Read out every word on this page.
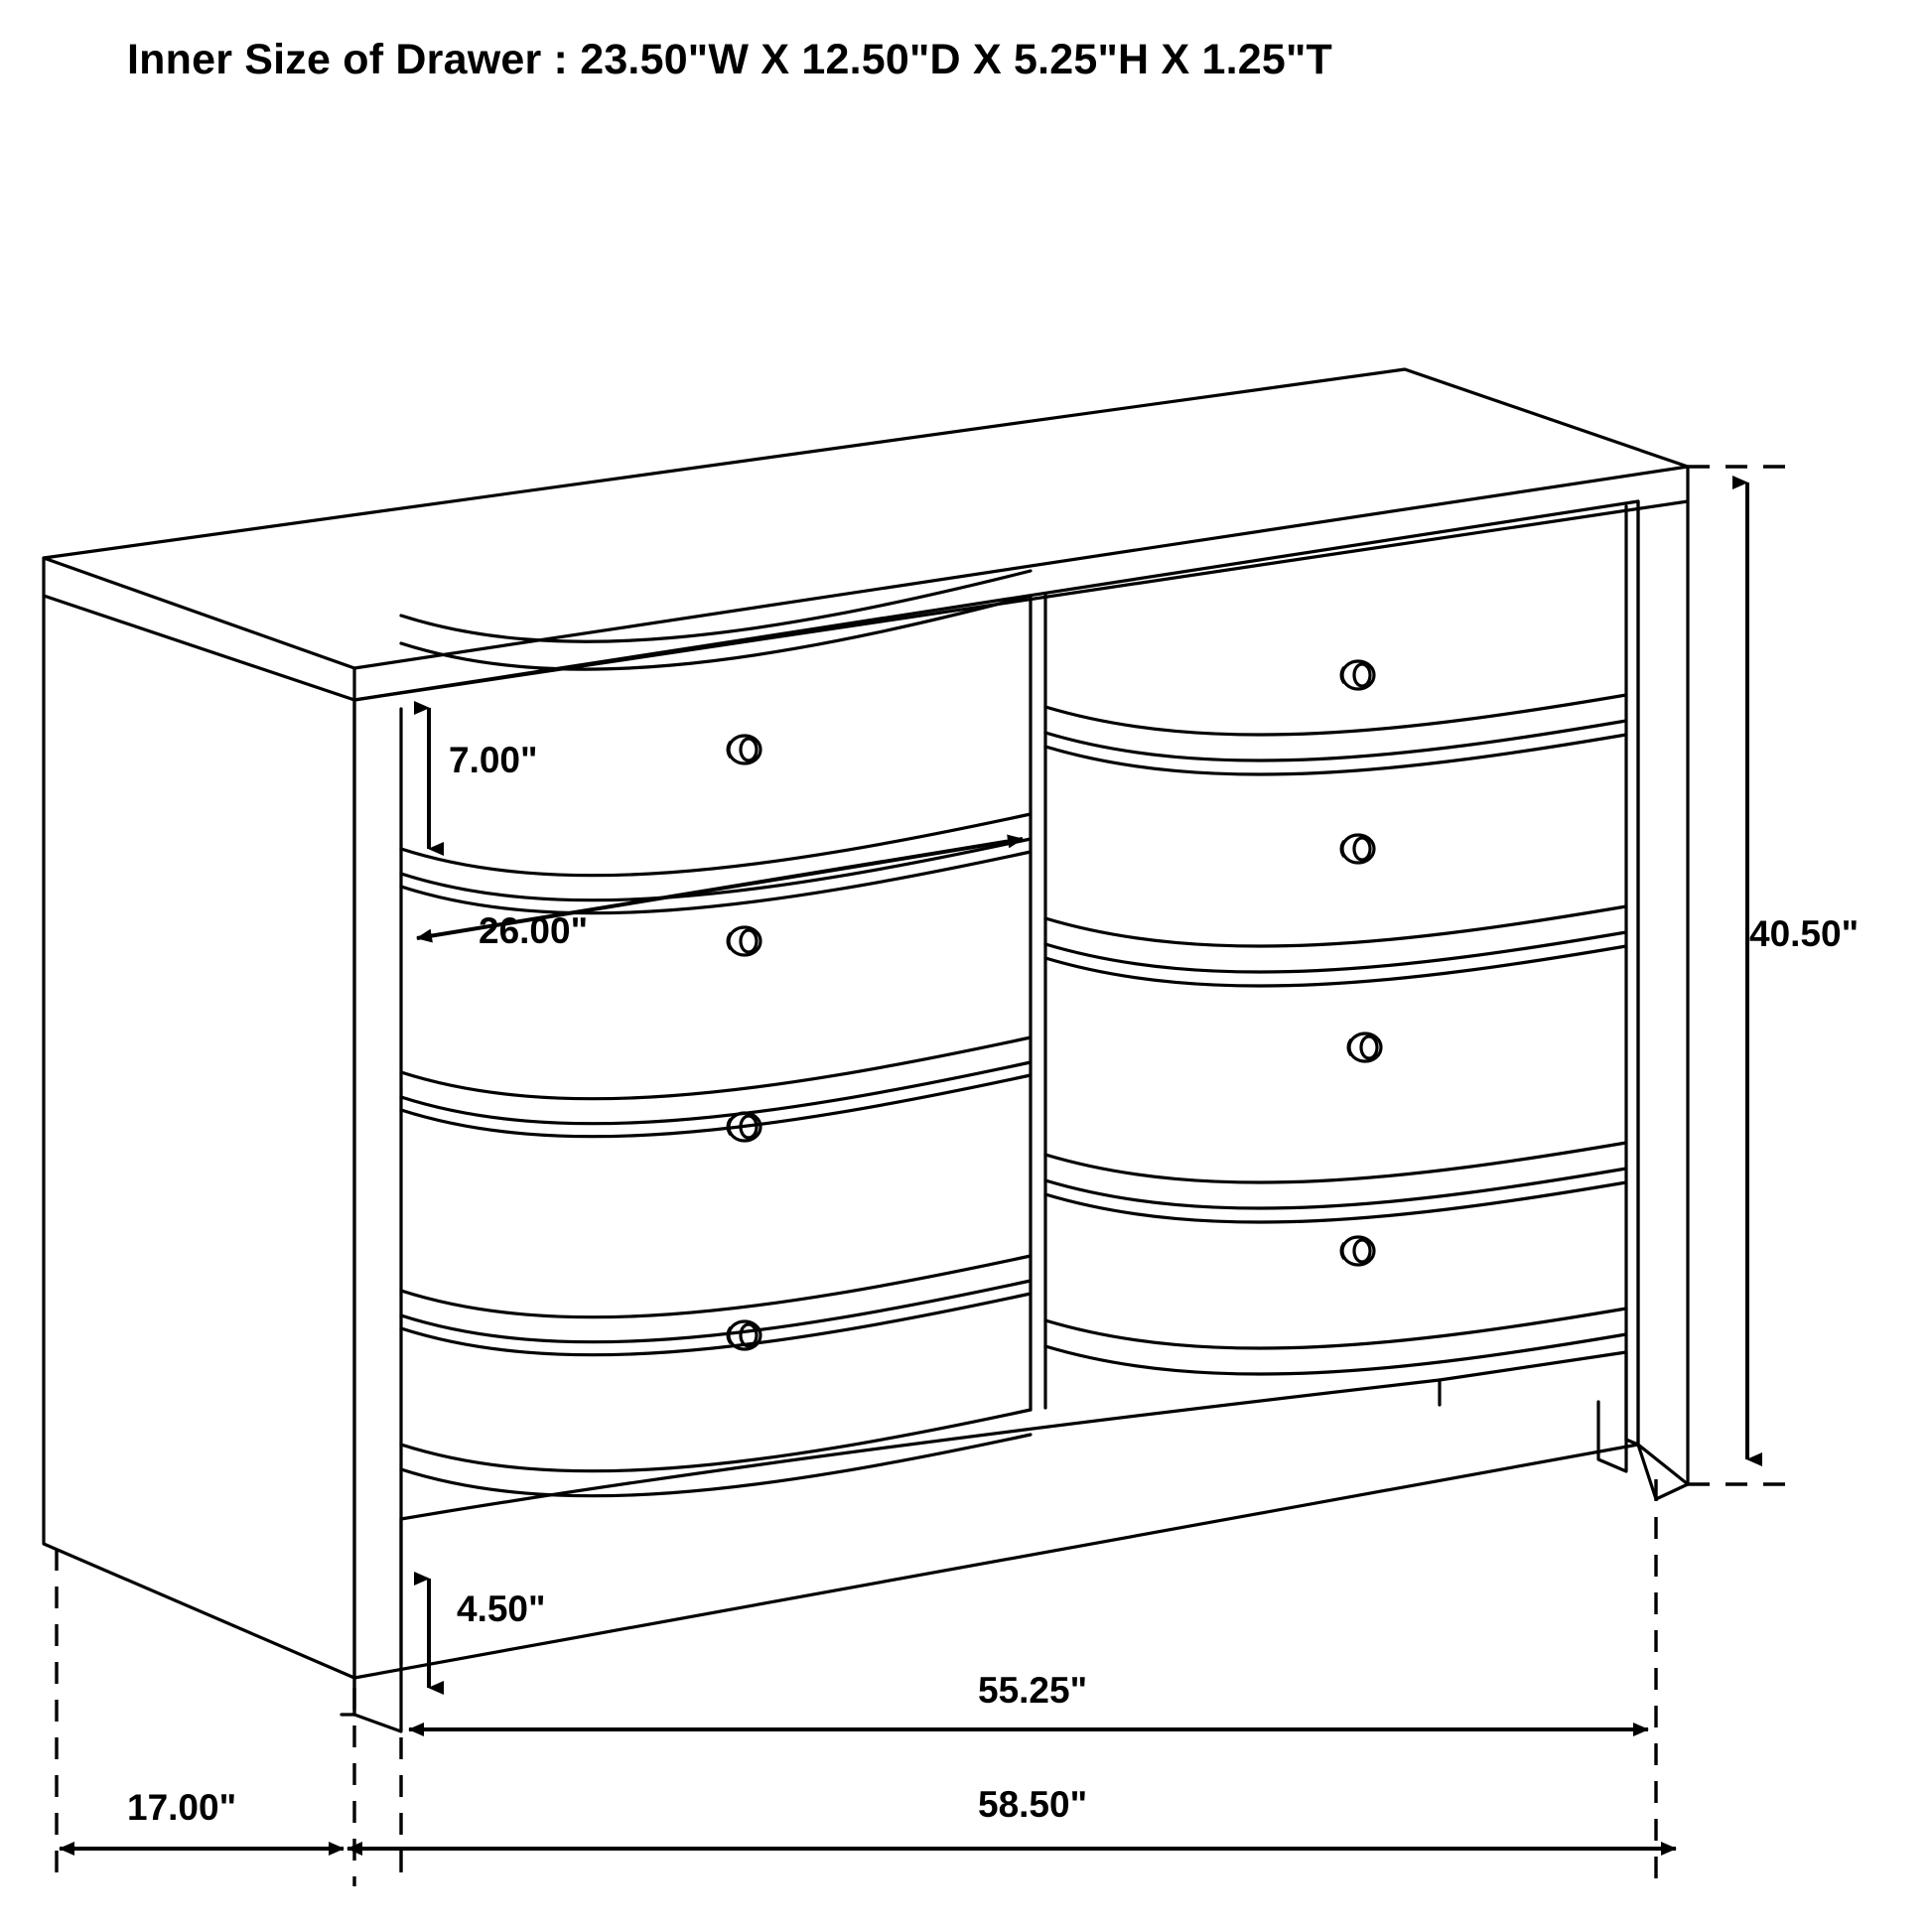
Inner Size of Drawer : 23.50"W X 12.50"D X 5.25"H X 1.25"T
7.00"
26.00"	40.50"
4.50"
55.25"
17.00"	58.50"
